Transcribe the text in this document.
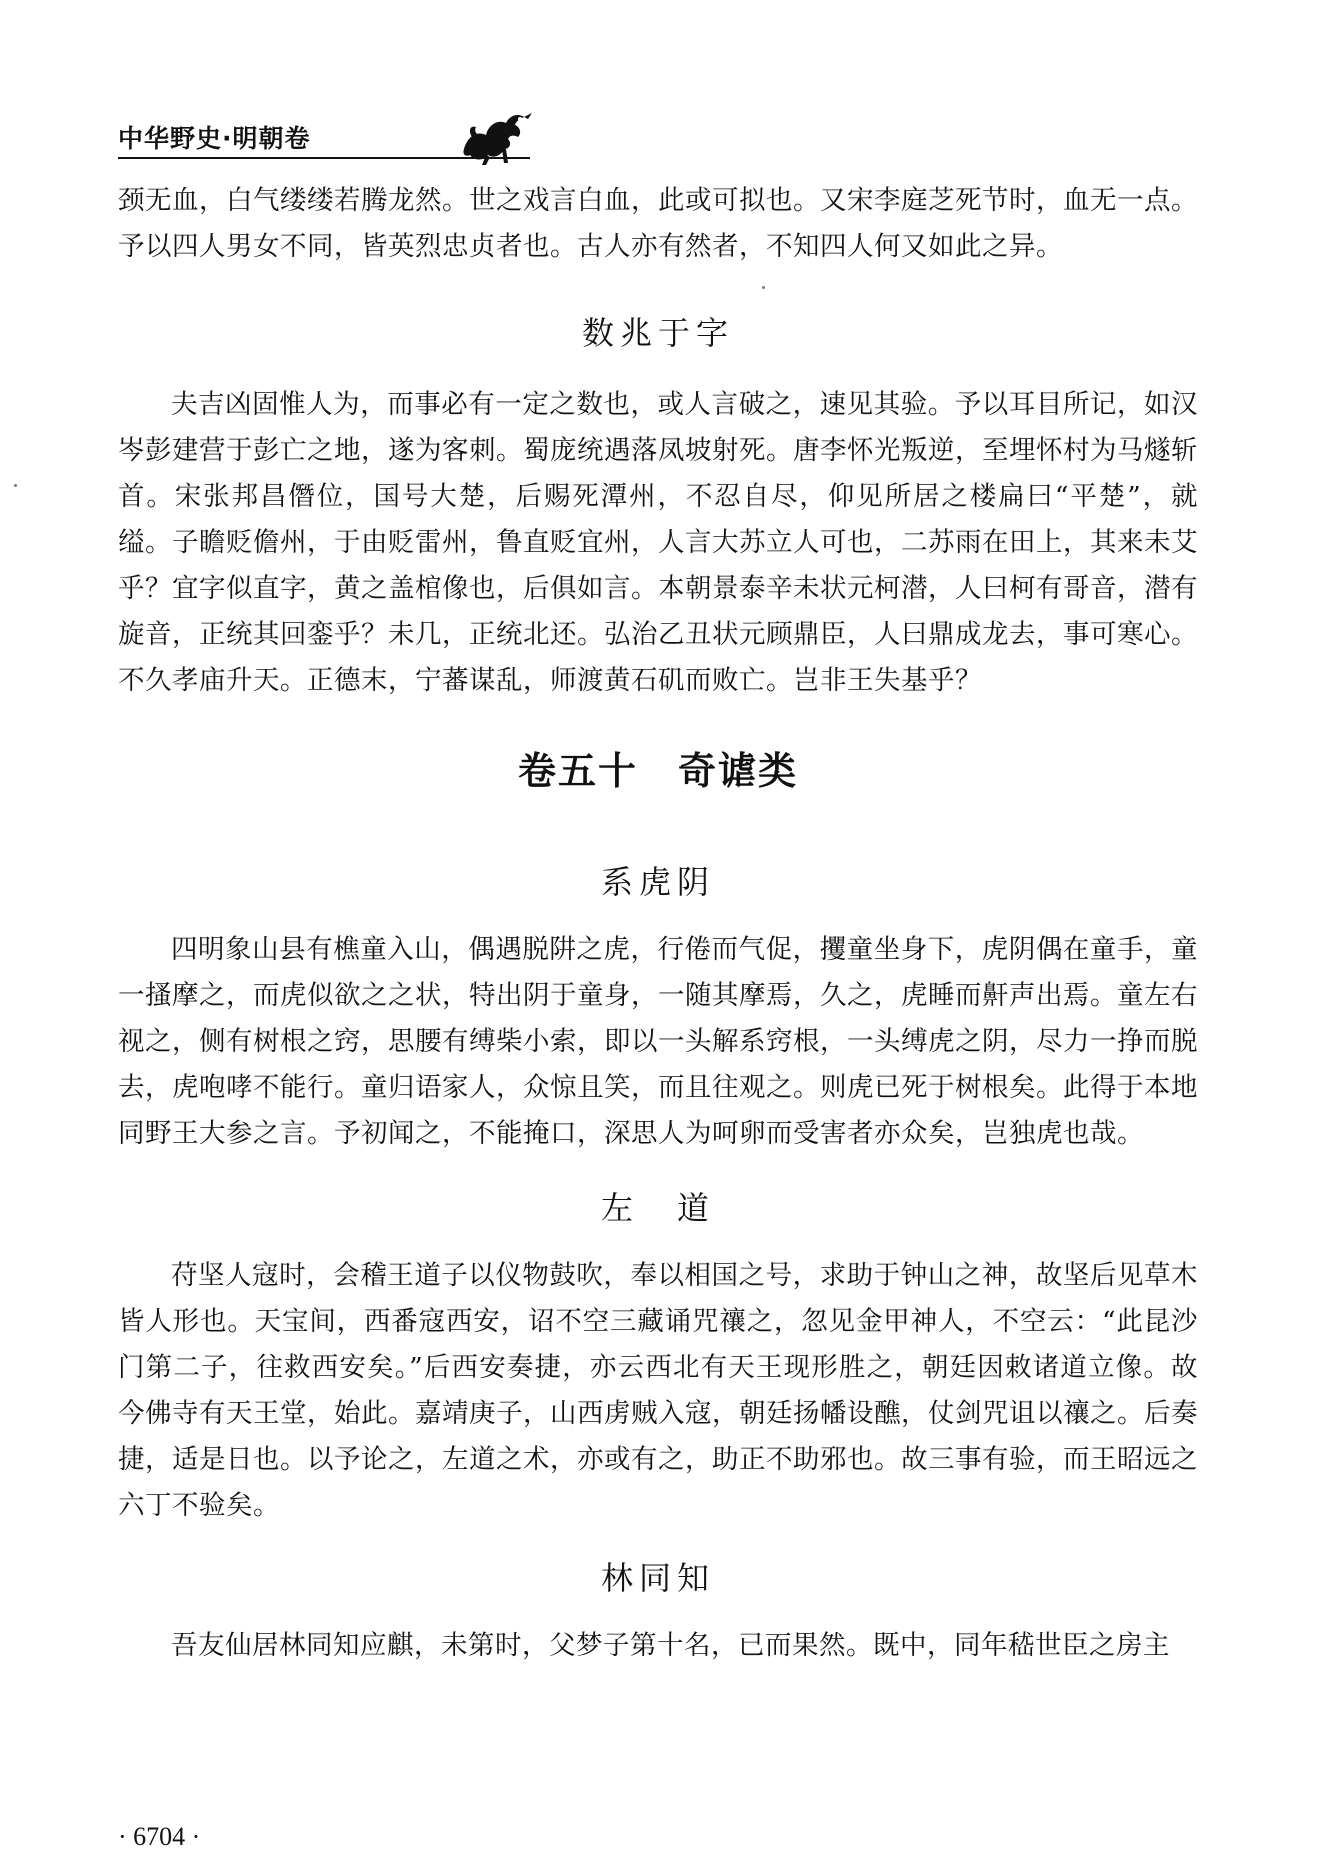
中华野史·明朝卷

颈无血，白气缕缕若腾龙然。世之戏言白血，此或可拟也。又宋李庭芝死节时，血无一点。予以四人男女不同，皆英烈忠贞者也。古人亦有然者，不知四人何又如此之异。

数兆于字

夫吉凶固惟人为，而事必有一定之数也，或人言破之，速见其验。予以耳目所记，如汉岑彭建营于彭亡之地，遂为客刺。蜀庞统遇落凤坡射死。唐李怀光叛逆，至埋怀村为马燧斩首。宋张邦昌僭位，国号大楚，后赐死潭州，不忍自尽，仰见所居之楼扁曰“平楚”，就缢。子瞻贬儋州，于由贬雷州，鲁直贬宜州，人言大苏立人可也，二苏雨在田上，其来未艾乎？宜字似直字，黄之盖棺像也，后俱如言。本朝景泰辛未状元柯潜，人曰柯有哥音，潜有旋音，正统其回銮乎？未几，正统北还。弘治乙丑状元顾鼎臣，人曰鼎成龙去，事可寒心。不久孝庙升天。正德末，宁蕃谋乱，师渡黄石矶而败亡。岂非王失基乎？

卷五十　奇谑类
系虎阴

四明象山县有樵童入山，偶遇脱阱之虎，行倦而气促，攫童坐身下，虎阴偶在童手，童一搔摩之，而虎似欲之之状，特出阴于童身，一随其摩焉，久之，虎睡而鼾声出焉。童左右视之，侧有树根之窍，思腰有缚柴小索，即以一头解系窍根，一头缚虎之阴，尽力一挣而脱去，虎咆哮不能行。童归语家人，众惊且笑，而且往观之。则虎已死于树根矣。此得于本地同野王大参之言。予初闻之，不能掩口，深思人为呵卵而受害者亦众矣，岂独虎也哉。

左　道

苻坚人寇时，会稽王道子以仪物鼓吹，奉以相国之号，求助于钟山之神，故坚后见草木皆人形也。天宝间，西番寇西安，诏不空三藏诵咒禳之，忽见金甲神人，不空云：“此昆沙门第二子，往救西安矣。”后西安奏捷，亦云西北有天王现形胜之，朝廷因敕诸道立像。故今佛寺有天王堂，始此。嘉靖庚子，山西虏贼入寇，朝廷扬幡设醮，仗剑咒诅以禳之。后奏捷，适是日也。以予论之，左道之术，亦或有之，助正不助邪也。故三事有验，而王昭远之六丁不验矣。

林同知

吾友仙居林同知应麒，未第时，父梦子第十名，已而果然。既中，同年嵇世臣之房主

· 6704 ·
